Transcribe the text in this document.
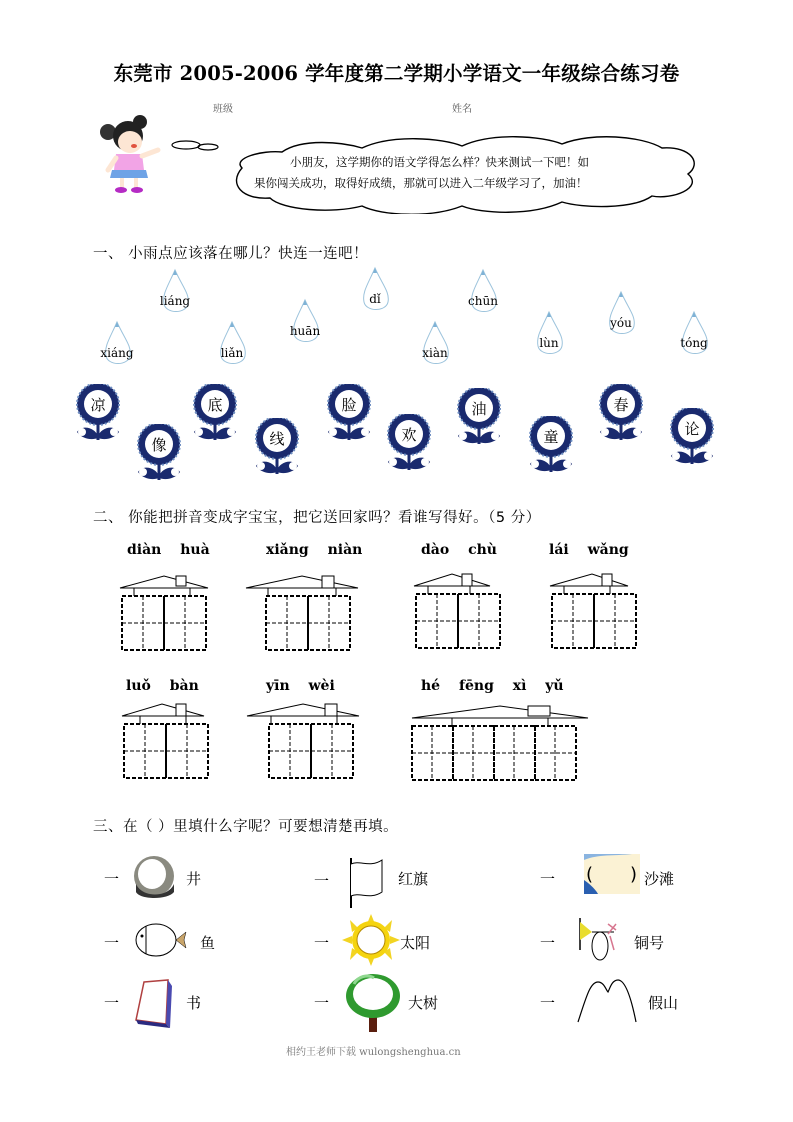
东莞市 2005-2006 学年度第二学期小学语文一年级综合练习卷
班级	姓名
小朋友，这学期你的语文学得怎么样？快来测试一下吧！如
果你闯关成功，取得好成绩，那就可以进入二年级学习了，加油！
一、 小雨点应该落在哪儿？快连一连吧！
xiáng
liáng
liǎn
huān
dǐ
xiàn
chūn
lùn
yóu
tóng
凉
像
底
线
脸
欢
油
童
春
论
二、 你能把拼音变成字宝宝，把它送回家吗？看谁写得好。（5 分）
diàn huà	xiǎng niàn	dào chù	lái wǎng
luǒ bàn	yīn wèi	hé fēng xì yǔ
三、在（ ）里填什么字呢？可要想清楚再填。
一	井	一	红旗	一 ( ) 沙滩
一	鱼	一	太阳	一	铜号
一	书	一	大树	一	假山
相约王老师下载 wulongshenghua.cn
